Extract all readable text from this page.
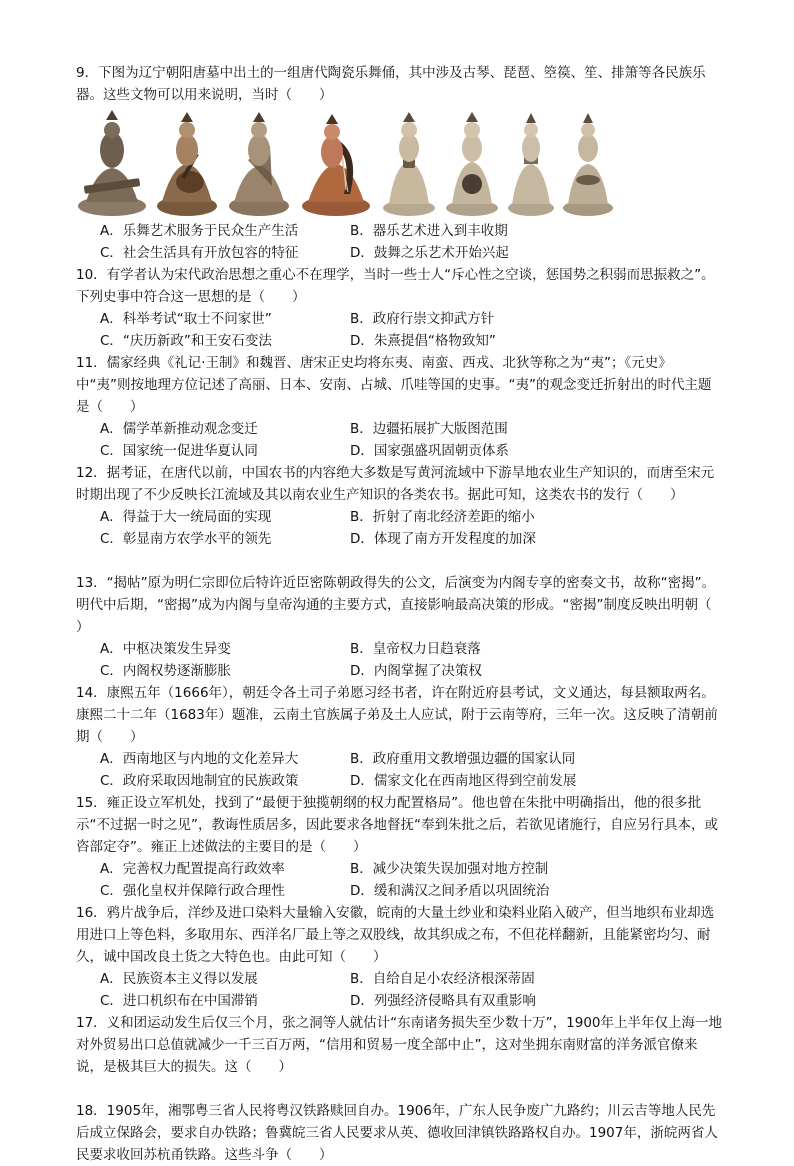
9．下图为辽宁朝阳唐墓中出土的一组唐代陶瓷乐舞俑，其中涉及古琴、琵琶、箜篌、笙、排箫等各民族乐器。这些文物可以用来说明，当时（　　）
A．乐舞艺术服务于民众生产生活	B．器乐艺术进入到丰收期
C．社会生活具有开放包容的特征	D．鼓舞之乐艺术开始兴起
10．有学者认为宋代政治思想之重心不在理学，当时一些士人“斥心性之空谈，惩国势之积弱而思振救之”。下列史事中符合这一思想的是（　　）
A．科举考试“取士不问家世”	B．政府行崇文抑武方针
C．“庆历新政”和王安石变法	D．朱熹提倡“格物致知”
11．儒家经典《礼记·王制》和魏晋、唐宋正史均将东夷、南蛮、西戎、北狄等称之为“夷”；《元史》中“夷”则按地理方位记述了高丽、日本、安南、占城、爪哇等国的史事。“夷”的观念变迁折射出的时代主题是（　　）
A．儒学革新推动观念变迁	B．边疆拓展扩大版图范围
C．国家统一促进华夏认同	D．国家强盛巩固朝贡体系
12．据考证，在唐代以前，中国农书的内容绝大多数是写黄河流域中下游旱地农业生产知识的，而唐至宋元时期出现了不少反映长江流域及其以南农业生产知识的各类农书。据此可知，这类农书的发行（　　）
A．得益于大一统局面的实现	B．折射了南北经济差距的缩小
C．彰显南方农学水平的领先	D．体现了南方开发程度的加深
13．“揭帖”原为明仁宗即位后特许近臣密陈朝政得失的公文，后演变为内阁专享的密奏文书，故称“密揭”。明代中后期，“密揭”成为内阁与皇帝沟通的主要方式，直接影响最高决策的形成。“密揭”制度反映出明朝（　　）
A．中枢决策发生异变	B．皇帝权力日趋衰落
C．内阁权势逐渐膨胀	D．内阁掌握了决策权
14．康熙五年（1666年），朝廷令各土司子弟愿习经书者，许在附近府县考试，文义通达，每县额取两名。康熙二十二年（1683年）题准，云南土官族属子弟及土人应试，附于云南等府，三年一次。这反映了清朝前期（　　）
A．西南地区与内地的文化差异大	B．政府重用文教增强边疆的国家认同
C．政府采取因地制宜的民族政策	D．儒家文化在西南地区得到空前发展
15．雍正设立军机处，找到了“最便于独揽朝纲的权力配置格局”。他也曾在朱批中明确指出，他的很多批示“不过据一时之见”，教诲性质居多，因此要求各地督抚“奉到朱批之后，若欲见诸施行，自应另行具本，或咨部定夺”。雍正上述做法的主要目的是（　　）
A．完善权力配置提高行政效率	B．减少决策失误加强对地方控制
C．强化皇权并保障行政合理性	D．缓和满汉之间矛盾以巩固统治
16．鸦片战争后，洋纱及进口染料大量输入安徽，皖南的大量土纱业和染料业陷入破产，但当地织布业却选用进口上等色料，多取用东、西洋名厂最上等之双股线，故其织成之布，不但花样翻新，且能紧密均匀、耐久，诚中国改良土货之大特色也。由此可知（　　）
A．民族资本主义得以发展	B．自给自足小农经济根深蒂固
C．进口机织布在中国滞销	D．列强经济侵略具有双重影响
17．义和团运动发生后仅三个月，张之洞等人就估计“东南诸务损失至少数十万”，1900年上半年仅上海一地对外贸易出口总值就减少一千三百万两，“信用和贸易一度全部中止”，这对坐拥东南财富的洋务派官僚来说，是极其巨大的损失。这（　　）
18．1905年，湘鄂粤三省人民将粤汉铁路赎回自办。1906年，广东人民争废广九路约；川云吉等地人民先后成立保路会，要求自办铁路；鲁冀皖三省人民要求从英、德收回津镇铁路路权自办。1907年，浙皖两省人民要求收回苏杭甬铁路。这些斗争（　　）
